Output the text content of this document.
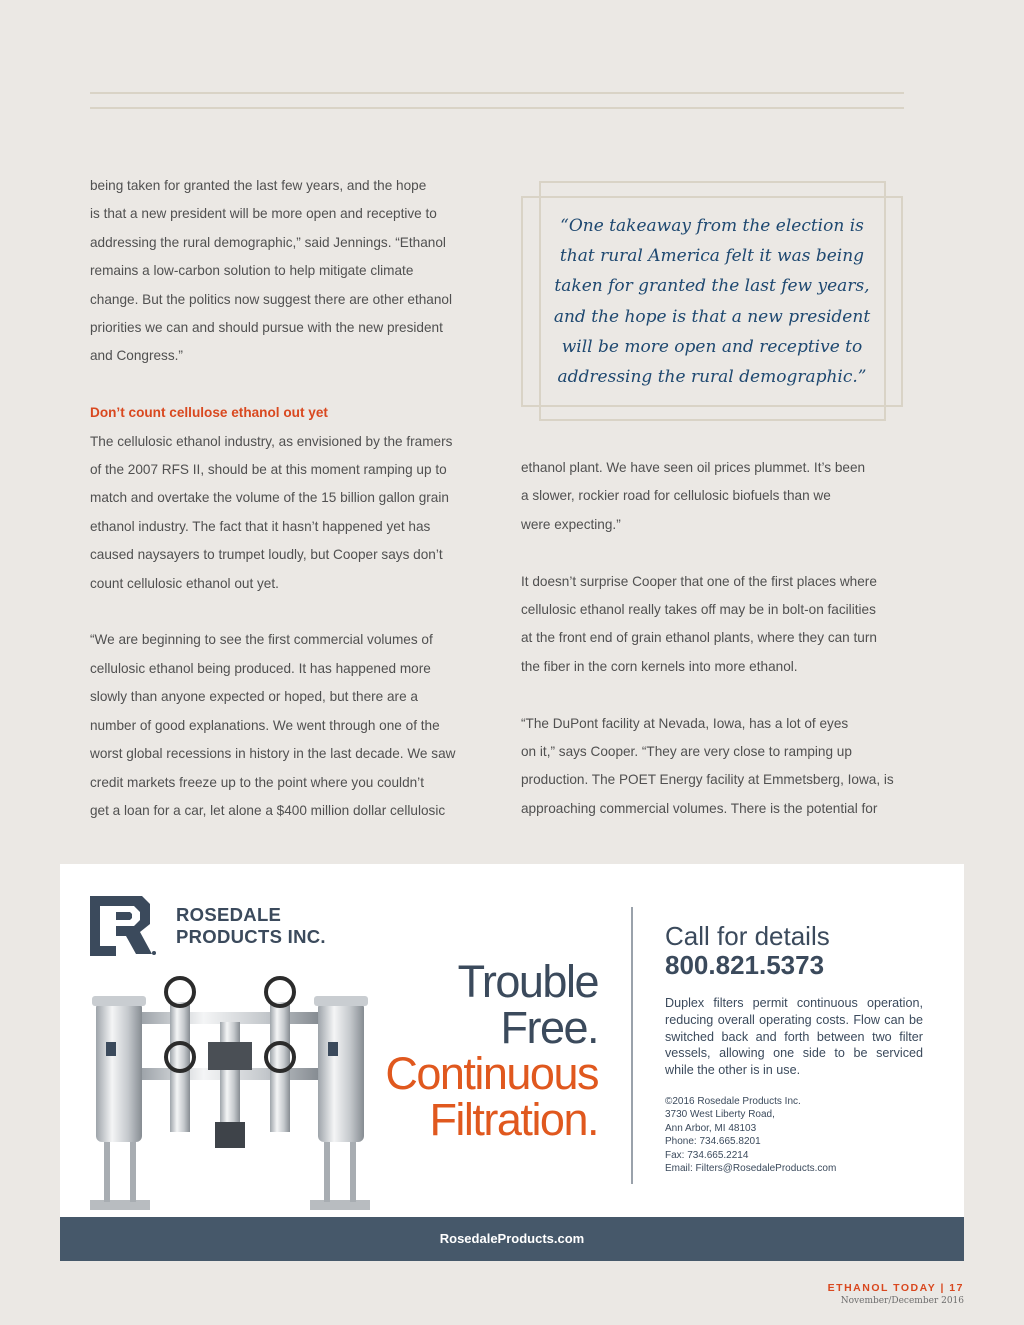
being taken for granted the last few years, and the hope

is that a new president will be more open and receptive to

addressing the rural demographic,” said Jennings. “Ethanol

remains a low-carbon solution to help mitigate climate

change. But the politics now suggest there are other ethanol

priorities we can and should pursue with the new president

and Congress.”

Don’t count cellulose ethanol out yet

The cellulosic ethanol industry, as envisioned by the framers

of the 2007 RFS II, should be at this moment ramping up to

match and overtake the volume of the 15 billion gallon grain

ethanol industry. The fact that it hasn’t happened yet has

caused naysayers to trumpet loudly, but Cooper says don’t

count cellulosic ethanol out yet.

“We are beginning to see the first commercial volumes of

cellulosic ethanol being produced. It has happened more

slowly than anyone expected or hoped, but there are a

number of good explanations. We went through one of the

worst global recessions in history in the last decade. We saw

credit markets freeze up to the point where you couldn’t

get a loan for a car, let alone a $400 million dollar cellulosic

“One takeaway from the election is
that rural America felt it was being
taken for granted the last few years,
and the hope is that a new president
will be more open and receptive to
addressing the rural demographic.”

ethanol plant. We have seen oil prices plummet. It’s been

a slower, rockier road for cellulosic biofuels than we

were expecting.”

It doesn’t surprise Cooper that one of the first places where

cellulosic ethanol really takes off may be in bolt-on facilities

at the front end of grain ethanol plants, where they can turn

the fiber in the corn kernels into more ethanol.

“The DuPont facility at Nevada, Iowa, has a lot of eyes

on it,” says Cooper. “They are very close to ramping up

production. The POET Energy facility at Emmetsberg, Iowa, is

approaching commercial volumes. There is the potential for

ROSEDALE
PRODUCTS INC.
Trouble
Free.
Continuous
Filtration.
Call for details
800.821.5373

Duplex filters permit continuous operation, reducing overall operating costs. Flow can be switched back and forth between two filter vessels, allowing one side to be serviced while the other is in use.

©2016 Rosedale Products Inc.
3730 West Liberty Road,
Ann Arbor, MI 48103
Phone: 734.665.8201
Fax: 734.665.2214
Email: Filters@RosedaleProducts.com
RosedaleProducts.com
ETHANOL TODAY | 17
November/December 2016
